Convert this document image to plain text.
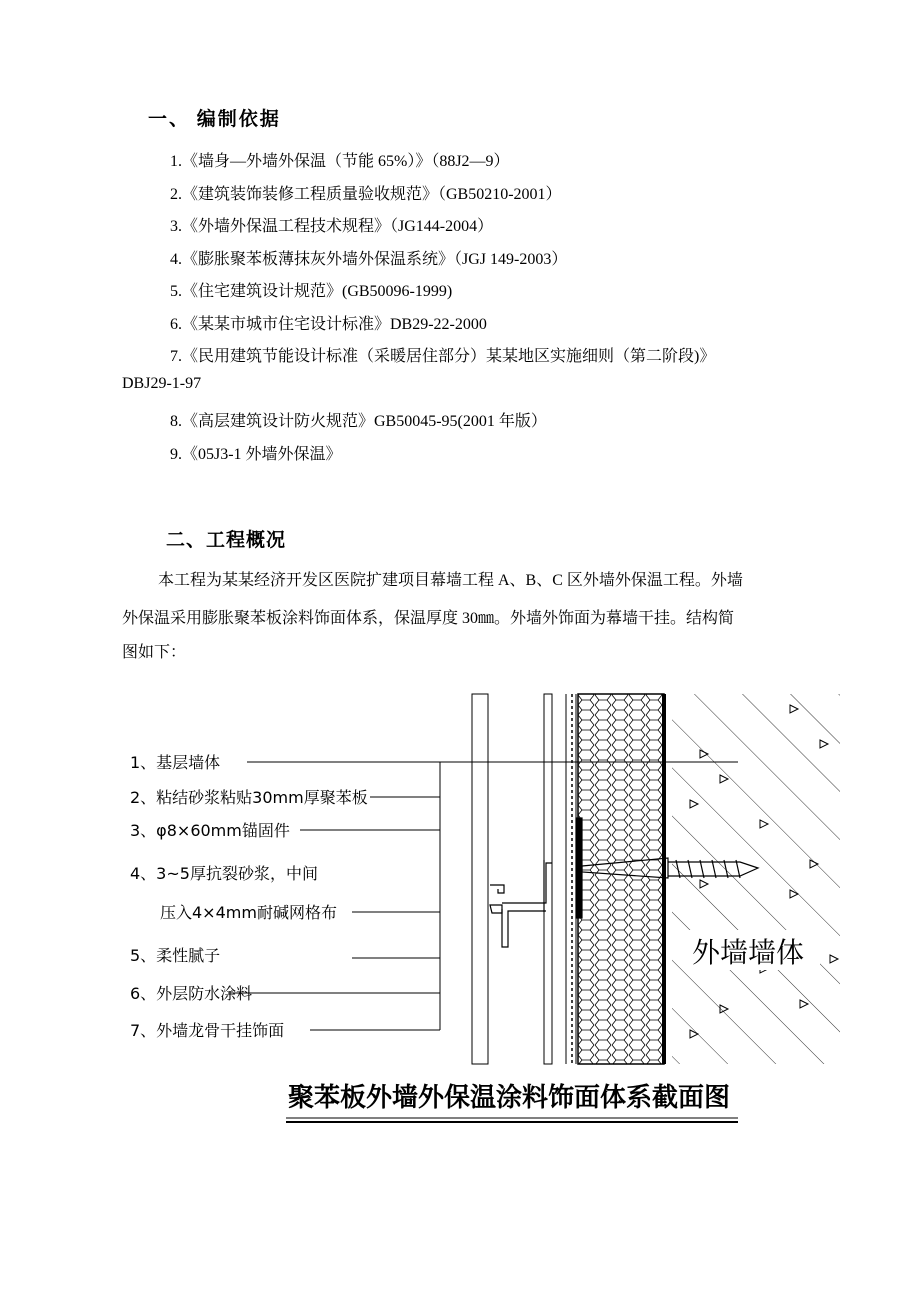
一、 编制依据
1.《墙身—外墙外保温（节能 65%）》（88J2—9）
2.《建筑装饰装修工程质量验收规范》（GB50210-2001）
3.《外墙外保温工程技术规程》（JG144-2004）
4.《膨胀聚苯板薄抹灰外墙外保温系统》（JGJ 149-2003）
5.《住宅建筑设计规范》(GB50096-1999)
6.《某某市城市住宅设计标准》DB29-22-2000
7.《民用建筑节能设计标准（采暖居住部分）某某地区实施细则（第二阶段)》
DBJ29-1-97
8.《高层建筑设计防火规范》GB50045-95(2001 年版）
9.《05J3-1 外墙外保温》
二、工程概况
本工程为某某经济开发区医院扩建项目幕墙工程 A、B、C 区外墙外保温工程。外墙
外保温采用膨胀聚苯板涂料饰面体系，保温厚度 30㎜。外墙外饰面为幕墙干挂。结构简
图如下：
1、基层墙体
2、粘结砂浆粘贴30mm厚聚苯板
3、φ8×60mm锚固件
4、3~5厚抗裂砂浆，中间
压入4×4mm耐碱网格布
5、柔性腻子
6、外层防水涂料
7、外墙龙骨干挂饰面
外墙墙体
聚苯板外墙外保温涂料饰面体系截面图
